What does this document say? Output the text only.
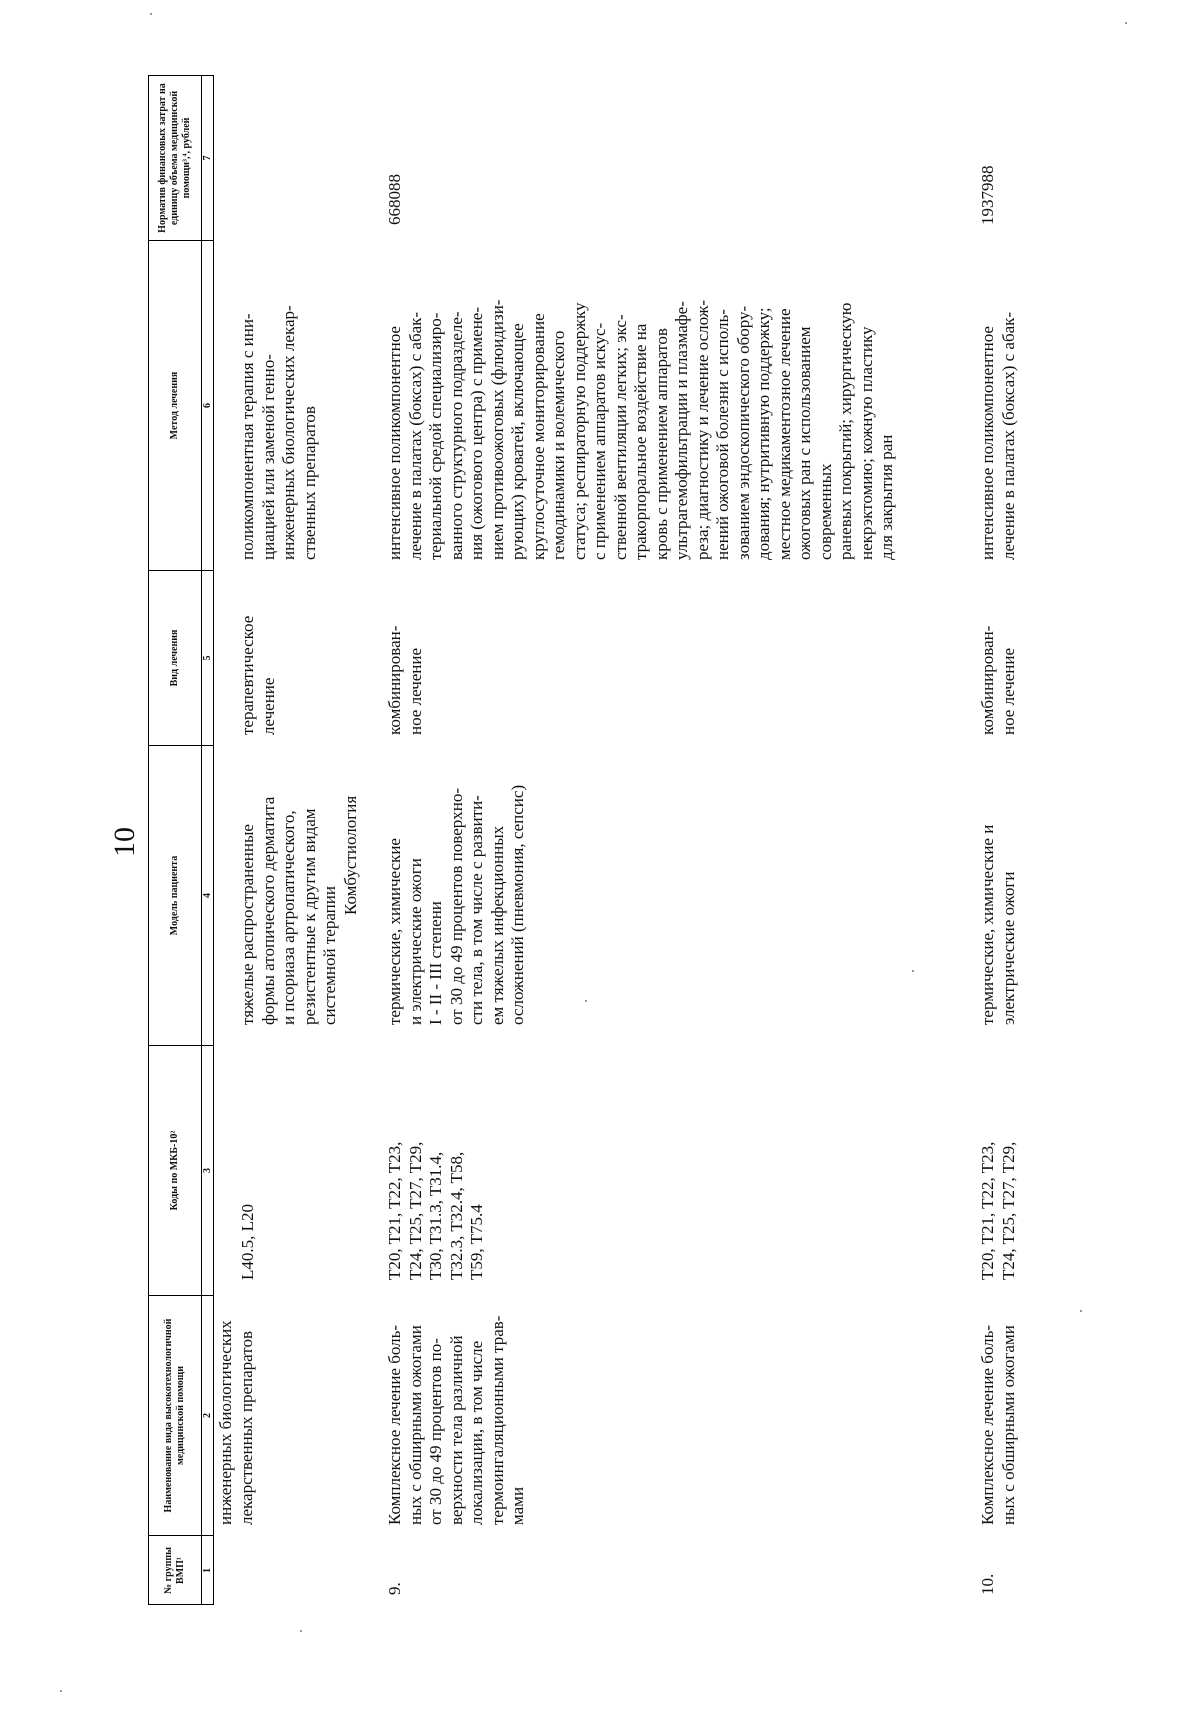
10
№ группы ВМП¹
Наименование вида высокотехнологичной медицинской помощи
Коды по МКБ-10²
Модель пациента
Вид лечения
Метод лечения
Норматив финансовых затрат на единицу объема медицинской помощи³,⁴, рублей
1
2
3
4
5
6
7
инженерных биологических
лекарственных препаратов
L40.5, L20
тяжелые распространенные
формы атопического дерматита
и псориаза артропатического,
резистентные к другим видам
системной терапии
терапевтическое
лечение
поликомпонентная терапия с ини-
циацией или заменой генно-
инженерных биологических лекар-
ственных препаратов
Комбустиология
9.
Комплексное лечение боль-
ных с обширными ожогами
от 30 до 49 процентов по-
верхности тела различной
локализации, в том числе
термоингаляционными трав-
мами
T20, T21, T22, T23,
T24, T25, T27, T29,
T30, T31.3, T31.4,
T32.3, T32.4, T58,
T59, T75.4
термические, химические
и электрические ожоги
I - II - III степени
от 30 до 49 процентов поверхно-
сти тела, в том числе с развити-
ем тяжелых инфекционных
осложнений (пневмония, сепсис)
комбинирован-
ное лечение
интенсивное поликомпонентное
лечение в палатах (боксах) с абак-
териальной средой специализиро-
ванного структурного подразделе-
ния (ожогового центра) с примене-
нием противоожоговых (флюидизи-
рующих) кроватей, включающее
круглосуточное мониторирование
гемодинамики и волемического
статуса; респираторную поддержку
с применением аппаратов искус-
ственной вентиляции легких; экс-
тракорпоральное воздействие на
кровь с применением аппаратов
ультрагемофильтрации и плазмафе-
реза; диагностику и лечение ослож-
нений ожоговой болезни с исполь-
зованием эндоскопического обору-
дования; нутритивную поддержку;
местное медикаментозное лечение
ожоговых ран с использованием
современных
раневых покрытий; хирургическую
некрэктомию; кожную пластику
для закрытия ран
668088
10.
Комплексное лечение боль-
ных с обширными ожогами
T20, T21, T22, T23,
T24, T25, T27, T29,
термические, химические и
электрические ожоги
комбинирован-
ное лечение
интенсивное поликомпонентное
лечение в палатах (боксах) с абак-
1937988
